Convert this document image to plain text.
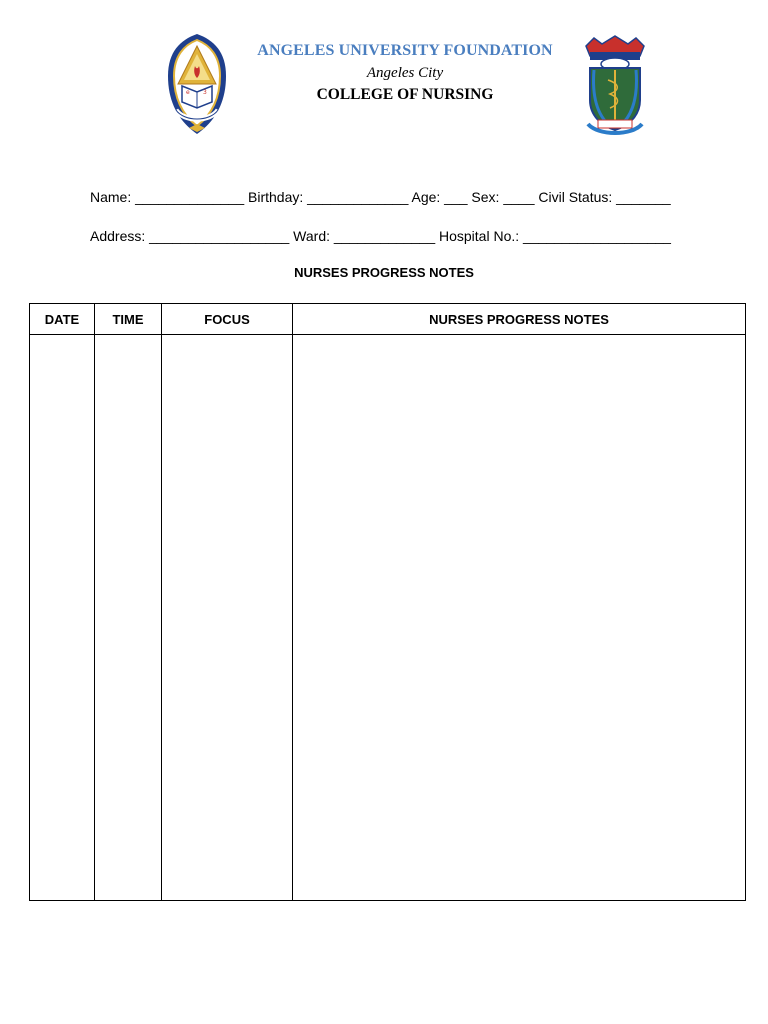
e 3
ANGELES UNIVERSITY FOUNDATION
Angeles City
COLLEGE OF NURSING
Name: ______________ Birthday: _____________ Age: ___ Sex: ____ Civil Status: _______
Address: __________________ Ward: _____________ Hospital No.: ___________________
NURSES PROGRESS NOTES
DATE	TIME	FOCUS	NURSES PROGRESS NOTES
